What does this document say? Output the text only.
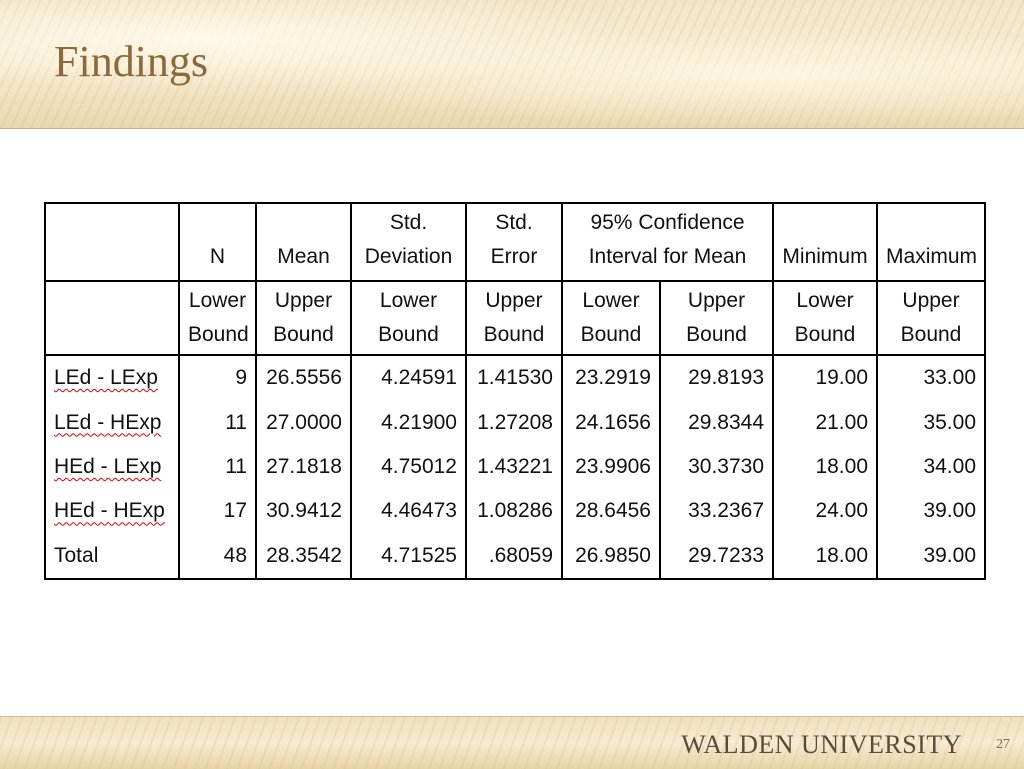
Findings
	N	Mean	Std. Deviation	Std. Error	95% Confidence Interval for Mean		Minimum	Maximum
	Lower Bound	Upper Bound	Lower Bound	Upper Bound	Lower Bound	Upper Bound	Lower Bound	Upper Bound
LEd - LExp	9	26.5556	4.24591	1.41530	23.2919	29.8193	19.00	33.00
LEd - HExp	11	27.0000	4.21900	1.27208	24.1656	29.8344	21.00	35.00
HEd - LExp	11	27.1818	4.75012	1.43221	23.9906	30.3730	18.00	34.00
HEd - HExp	17	30.9412	4.46473	1.08286	28.6456	33.2367	24.00	39.00
Total	48	28.3542	4.71525	.68059	26.9850	29.7233	18.00	39.00
WALDEN UNIVERSITY 27
